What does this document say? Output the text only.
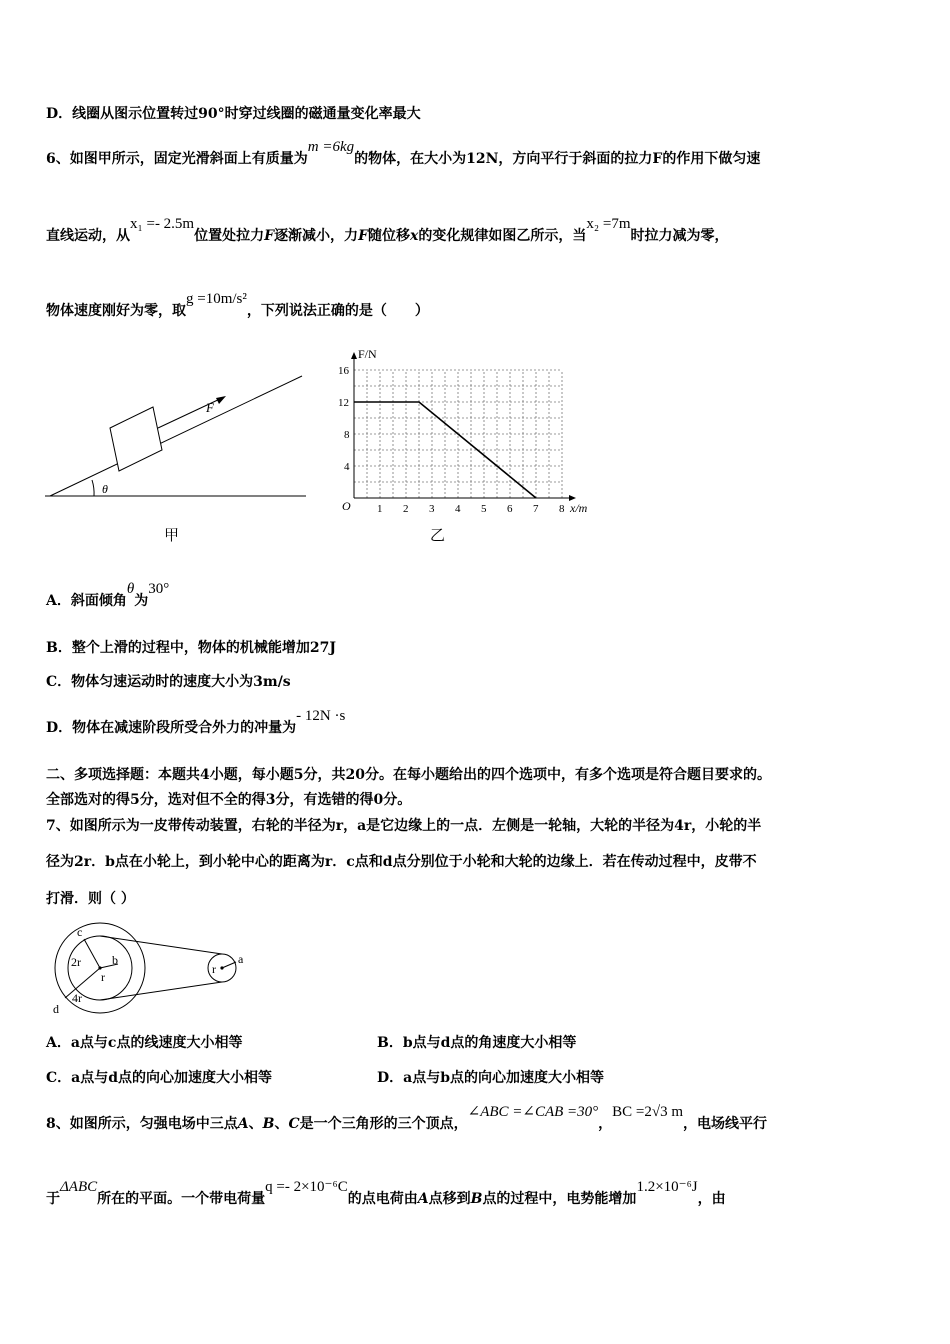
D．线圈从图示位置转过90°时穿过线圈的磁通量变化率最大
6、如图甲所示，固定光滑斜面上有质量为m =6kg的物体，在大小为12N，方向平行于斜面的拉力F的作用下做匀速
直线运动，从x₁ =- 2.5m位置处拉力F逐渐减小，力F随位移x的变化规律如图乙所示，当x₂ =7m时拉力减为零，
物体速度刚好为零，取g =10m/s²，下列说法正确的是（　　）
F
θ
甲
1 2 3 4 5 6 7 8
4
8
12
16
F/N
x/m
O
乙
A．斜面倾角θ为30°
B．整个上滑的过程中，物体的机械能增加27J
C．物体匀速运动时的速度大小为3m/s
D．物体在减速阶段所受合外力的冲量为- 12N ·s
二、多项选择题：本题共4小题，每小题5分，共20分。在每小题给出的四个选项中，有多个选项是符合题目要求的。
全部选对的得5分，选对但不全的得3分，有选错的得0分。
7、如图所示为一皮带传动装置，右轮的半径为r，a是它边缘上的一点．左侧是一轮轴，大轮的半径为4r，小轮的半
径为2r．b点在小轮上，到小轮中心的距离为r．c点和d点分别位于小轮和大轮的边缘上．若在传动过程中，皮带不
打滑．则（ ）
c
2r	b
r
4r
d
r
a
A．a点与c点的线速度大小相等	B．b点与d点的角速度大小相等
C．a点与d点的向心加速度大小相等	D．a点与b点的向心加速度大小相等
8、如图所示，匀强电场中三点A、B、C是一个三角形的三个顶点，∠ABC =∠CAB =30°，BC =2√3 m，电场线平行
于ΔABC所在的平面。一个带电荷量q =- 2×10⁻⁶C的点电荷由A点移到B点的过程中，电势能增加1.2×10⁻⁶J，由
